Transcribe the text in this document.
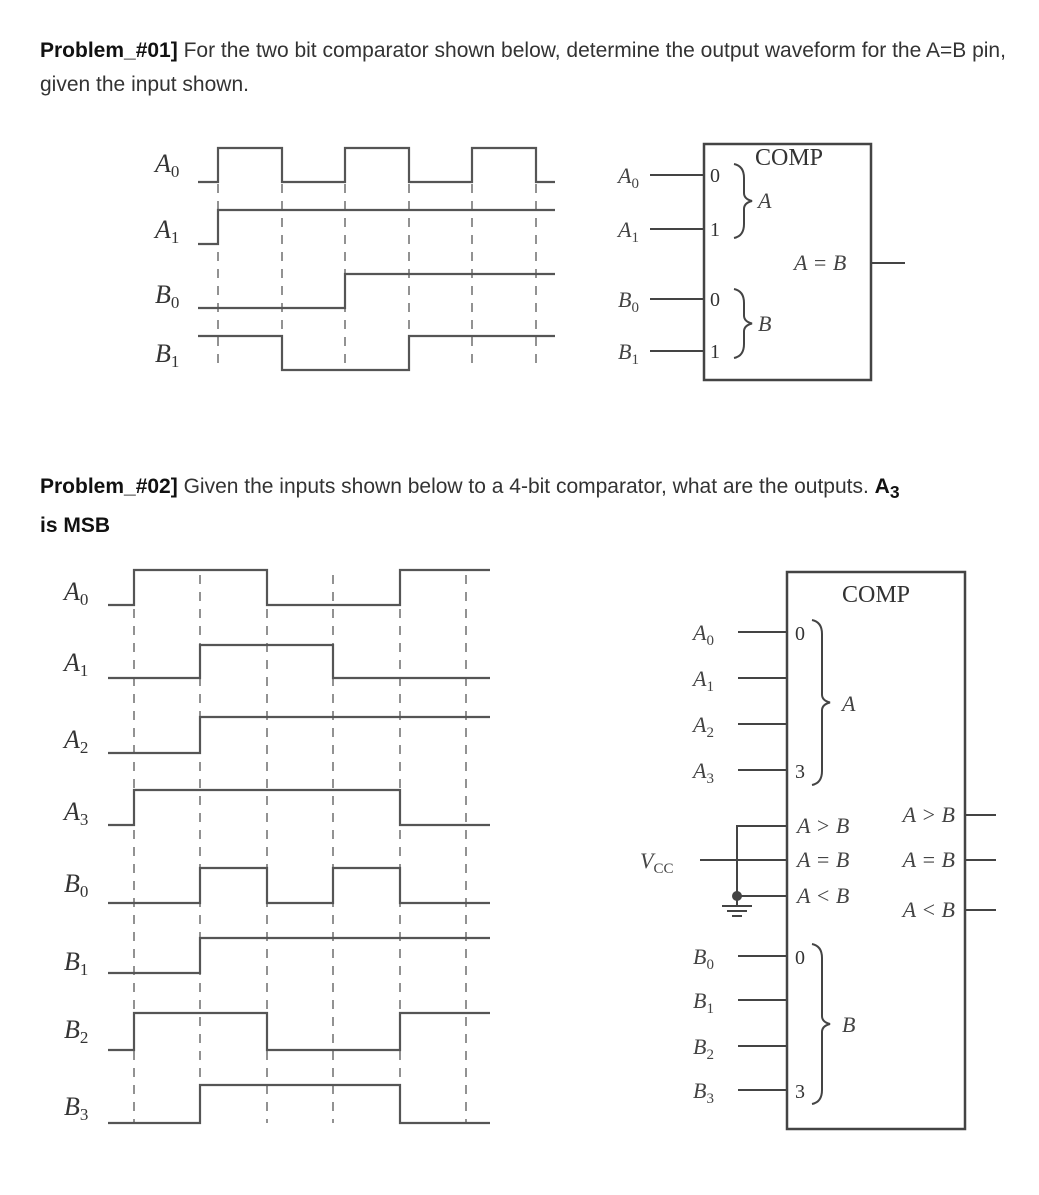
Problem_#01] For the two bit comparator shown below, determine the output waveform for the A=B pin, given the input shown.
Problem_#02] Given the inputs shown below to a 4-bit comparator, what are the outputs. $A_3$
is MSB
A0
A1
B0
B1
COMP
$A_0$
$A_1$
$B_0$
$B_1$
0
1
0
1
A
B
A = B
A0
A1
A2
A3
B0
B1
B2
B3
COMP
$A_0$
$A_1$
$A_2$
$A_3$
$B_0$
$B_1$
$B_2$
$B_3$
0
3
0
3
A
B
A > B
A = B
A < B
$V_{CC}$
A > B
A = B
A < B
